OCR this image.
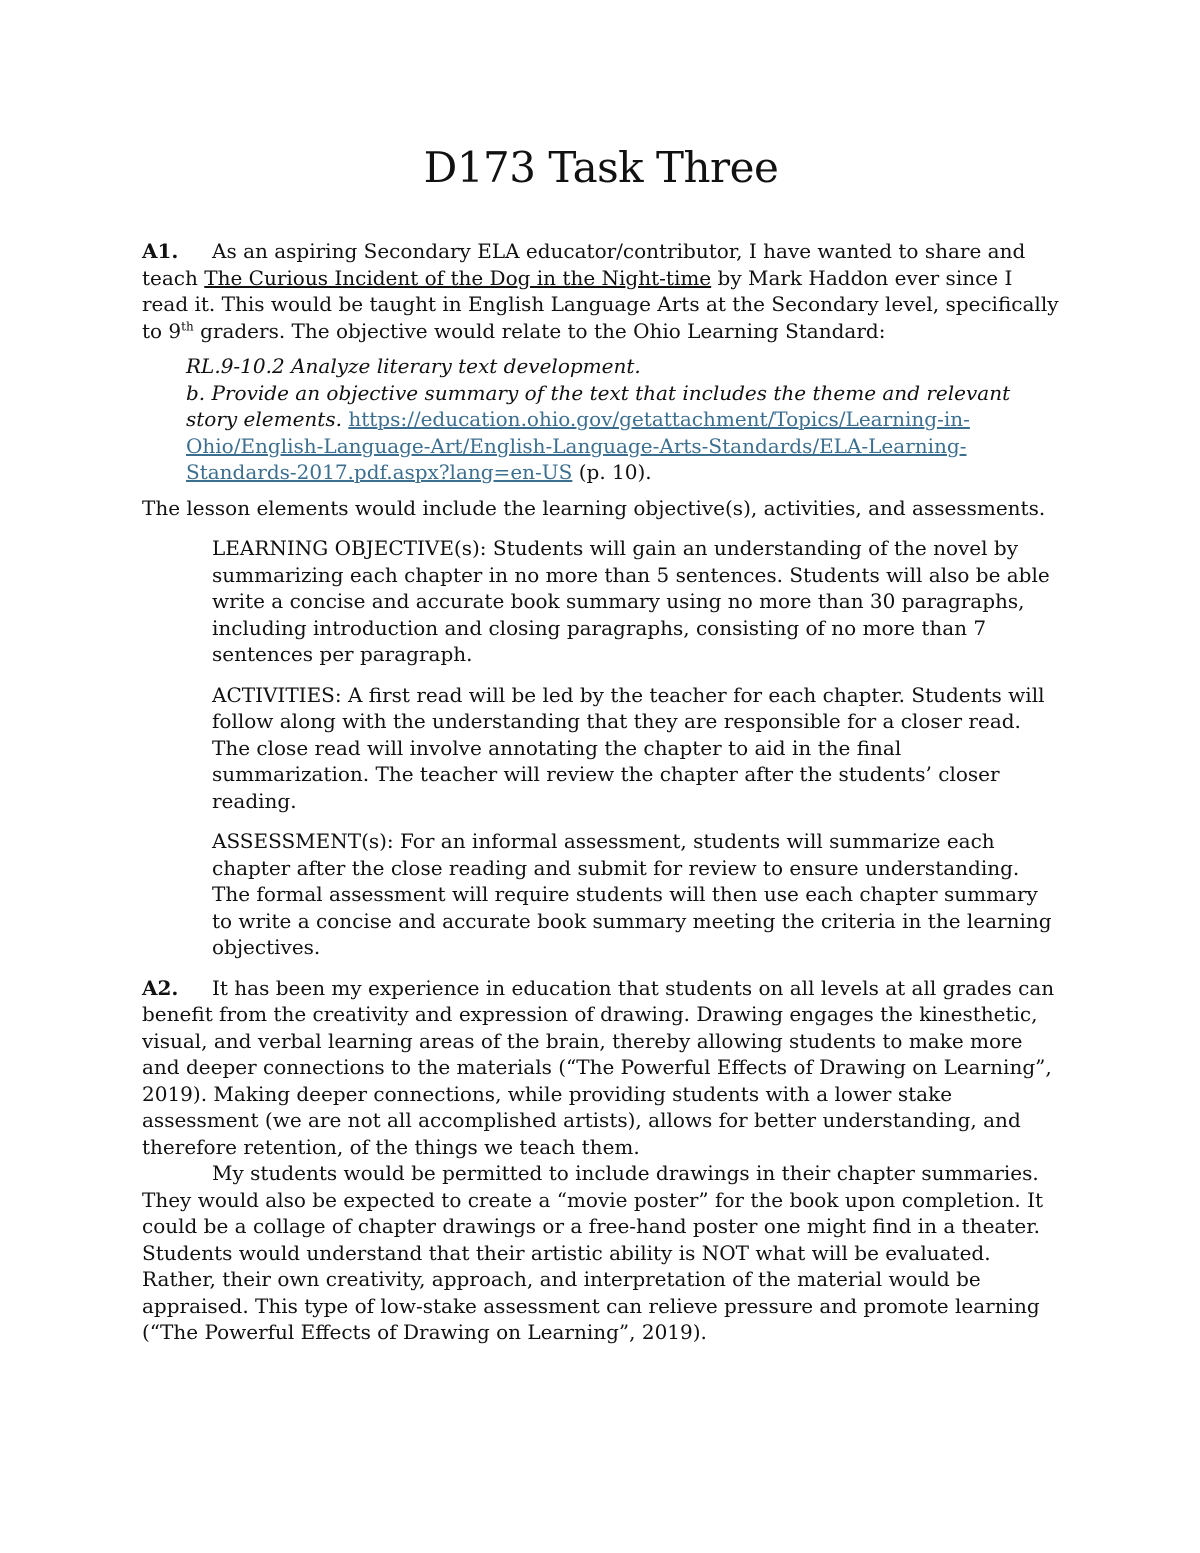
D173 Task Three

A1. As an aspiring Secondary ELA educator/contributor, I have wanted to share and teach The Curious Incident of the Dog in the Night-time by Mark Haddon ever since I read it. This would be taught in English Language Arts at the Secondary level, specifically to 9th graders. The objective would relate to the Ohio Learning Standard:

RL.9-10.2 Analyze literary text development.

b. Provide an objective summary of the text that includes the theme and relevant story elements. https://education.ohio.gov/getattachment/Topics/Learning-in-Ohio/English-Language-Art/English-Language-Arts-Standards/ELA-Learning-Standards-2017.pdf.aspx?lang=en-US (p. 10).

The lesson elements would include the learning objective(s), activities, and assessments.

LEARNING OBJECTIVE(s): Students will gain an understanding of the novel by summarizing each chapter in no more than 5 sentences. Students will also be able write a concise and accurate book summary using no more than 30 paragraphs, including introduction and closing paragraphs, consisting of no more than 7 sentences per paragraph.

ACTIVITIES: A first read will be led by the teacher for each chapter. Students will follow along with the understanding that they are responsible for a closer read. The close read will involve annotating the chapter to aid in the final summarization. The teacher will review the chapter after the students’ closer reading.

ASSESSMENT(s): For an informal assessment, students will summarize each chapter after the close reading and submit for review to ensure understanding. The formal assessment will require students will then use each chapter summary to write a concise and accurate book summary meeting the criteria in the learning objectives.

A2. It has been my experience in education that students on all levels at all grades can benefit from the creativity and expression of drawing. Drawing engages the kinesthetic, visual, and verbal learning areas of the brain, thereby allowing students to make more and deeper connections to the materials (“The Powerful Effects of Drawing on Learning”, 2019). Making deeper connections, while providing students with a lower stake assessment (we are not all accomplished artists), allows for better understanding, and therefore retention, of the things we teach them.

My students would be permitted to include drawings in their chapter summaries. They would also be expected to create a “movie poster” for the book upon completion. It could be a collage of chapter drawings or a free-hand poster one might find in a theater. Students would understand that their artistic ability is NOT what will be evaluated. Rather, their own creativity, approach, and interpretation of the material would be appraised. This type of low-stake assessment can relieve pressure and promote learning (“The Powerful Effects of Drawing on Learning”, 2019).
